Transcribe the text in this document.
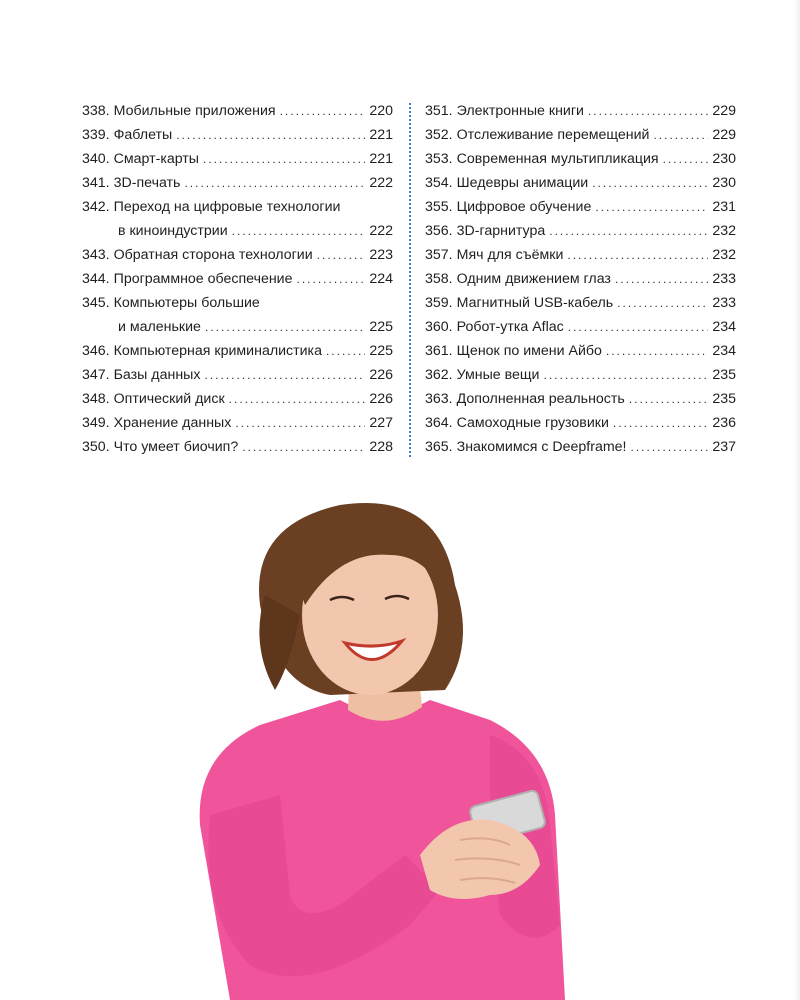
338. Мобильные приложения .....	220
339. Фаблеты .....	221
340. Смарт-карты .....	221
341. 3D-печать .....	222
342. Переход на цифровые технологии
в киноиндустрии .....	222
343. Обратная сторона технологии .....	223
344. Программное обеспечение .....	224
345. Компьютеры большие
и маленькие .....	225
346. Компьютерная криминалистика .....	225
347. Базы данных .....	226
348. Оптический диск .....	226
349. Хранение данных .....	227
350. Что умеет биочип? .....	228
351. Электронные книги .....	229
352. Отслеживание перемещений .....	229
353. Современная мультипликация .....	230
354. Шедевры анимации .....	230
355. Цифровое обучение .....	231
356. 3D-гарнитура .....	232
357. Мяч для съёмки .....	232
358. Одним движением глаз .....	233
359. Магнитный USB-кабель .....	233
360. Робот-утка Aflac .....	234
361. Щенок по имени Айбо .....	234
362. Умные вещи .....	235
363. Дополненная реальность .....	235
364. Самоходные грузовики .....	236
365. Знакомимся с Deepframe! .....	237
